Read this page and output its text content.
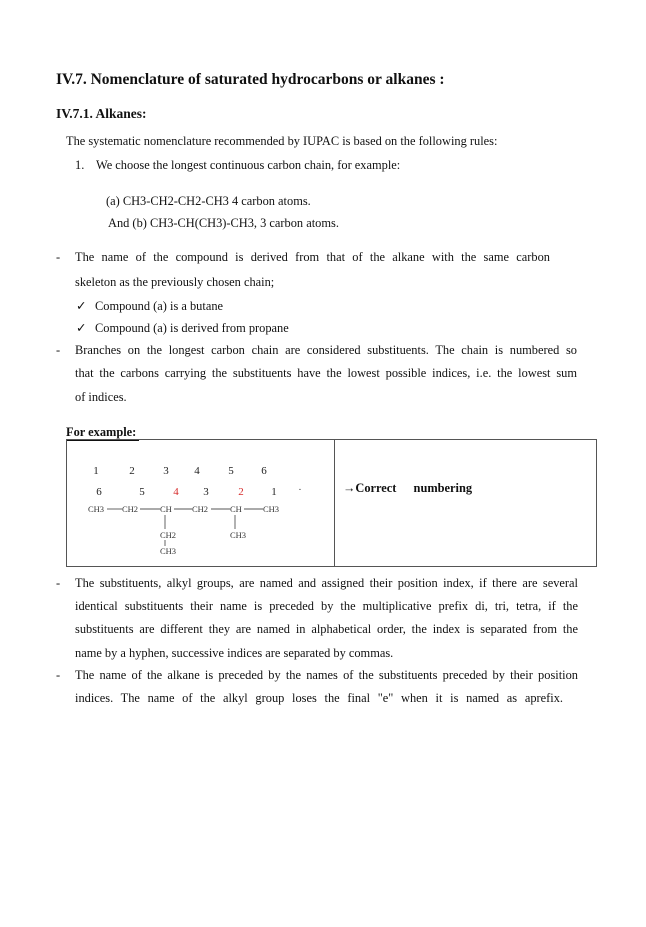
IV.7. Nomenclature of saturated hydrocarbons or alkanes :
IV.7.1. Alkanes:
The systematic nomenclature recommended by IUPAC is based on the following rules:
1. We choose the longest continuous carbon chain, for example:
(a) CH3-CH2-CH2-CH3 4 carbon atoms.
And (b) CH3-CH(CH3)-CH3, 3 carbon atoms.
- The name of the compound is derived from that of the alkane with the same carbon
skeleton as the previously chosen chain;
✓ Compound (a) is a butane
✓ Compound (a) is derived from propane
- Branches on the longest carbon chain are considered substituents. The chain is numbered so
that the carbons carrying the substituents have the lowest possible indices, i.e. the lowest sum
of indices.
For example:
1	2	3 4	5	6
6	5	4 3	2	1 ·
CH3 CH2	CH CH2	CH CH3
CH2
CH3
CH3
→Correct numbering
- The substituents, alkyl groups, are named and assigned their position index, if there are several
identical substituents their name is preceded by the multiplicative prefix di, tri, tetra, if the
substituents are different they are named in alphabetical order, the index is separated from the
name by a hyphen, successive indices are separated by commas.
- The name of the alkane is preceded by the names of the substituents preceded by their position
indices. The name of the alkyl group loses the final "e" when it is named as aprefix.
